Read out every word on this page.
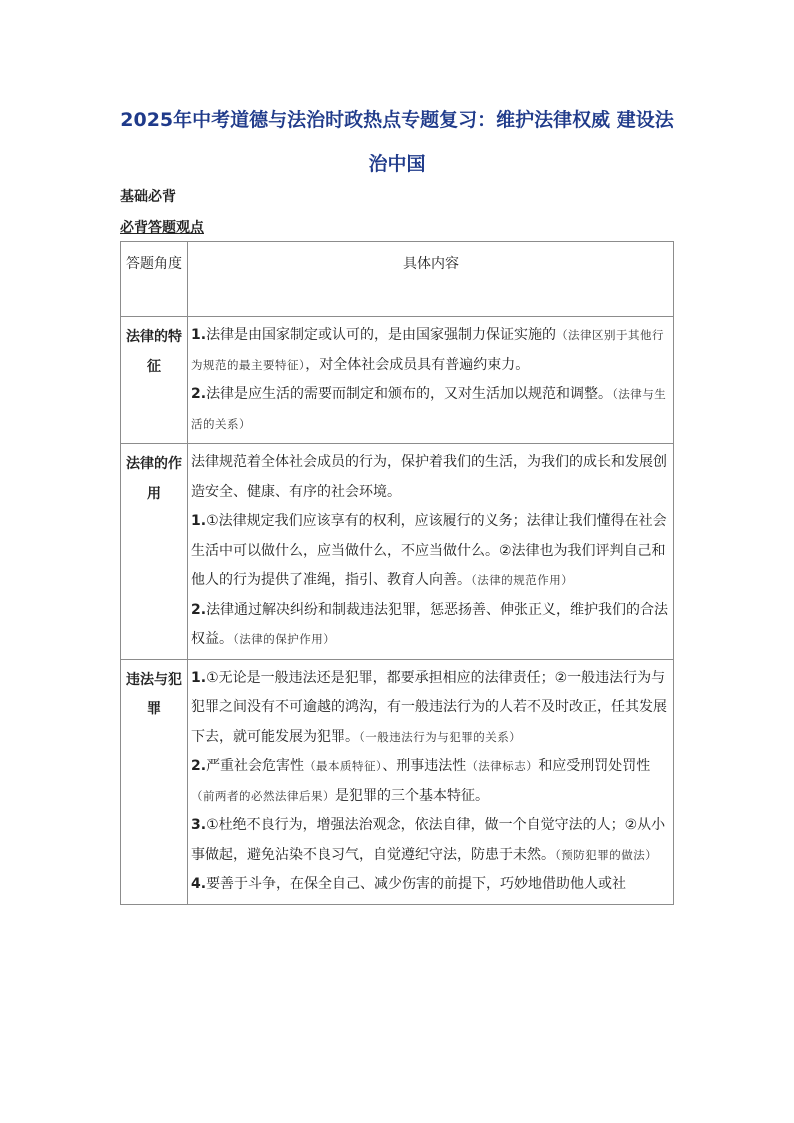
2025年中考道德与法治时政热点专题复习：维护法律权威 建设法
治中国
基础必背
必背答题观点
答题角度	具体内容
法律的特征	1.法律是由国家制定或认可的，是由国家强制力保证实施的（法律区别于其他行为规范的最主要特征），对全体社会成员具有普遍约束力。
2.法律是应生活的需要而制定和颁布的，又对生活加以规范和调整。（法律与生活的关系）

法律的作用	法律规范着全体社会成员的行为，保护着我们的生活，为我们的成长和发展创造安全、健康、有序的社会环境。
1.①法律规定我们应该享有的权利，应该履行的义务；法律让我们懂得在社会生活中可以做什么，应当做什么，不应当做什么。②法律也为我们评判自己和他人的行为提供了准绳，指引、教育人向善。（法律的规范作用）
2.法律通过解决纠纷和制裁违法犯罪，惩恶扬善、伸张正义，维护我们的合法权益。（法律的保护作用）

违法与犯罪	1.①无论是一般违法还是犯罪，都要承担相应的法律责任；②一般违法行为与犯罪之间没有不可逾越的鸿沟，有一般违法行为的人若不及时改正，任其发展下去，就可能发展为犯罪。（一般违法行为与犯罪的关系）
2.严重社会危害性（最本质特征）、刑事违法性（法律标志）和应受刑罚处罚性（前两者的必然法律后果）是犯罪的三个基本特征。
3.①杜绝不良行为，增强法治观念，依法自律，做一个自觉守法的人；②从小事做起，避免沾染不良习气，自觉遵纪守法，防患于未然。（预防犯罪的做法）
4.要善于斗争，在保全自己、减少伤害的前提下，巧妙地借助他人或社
